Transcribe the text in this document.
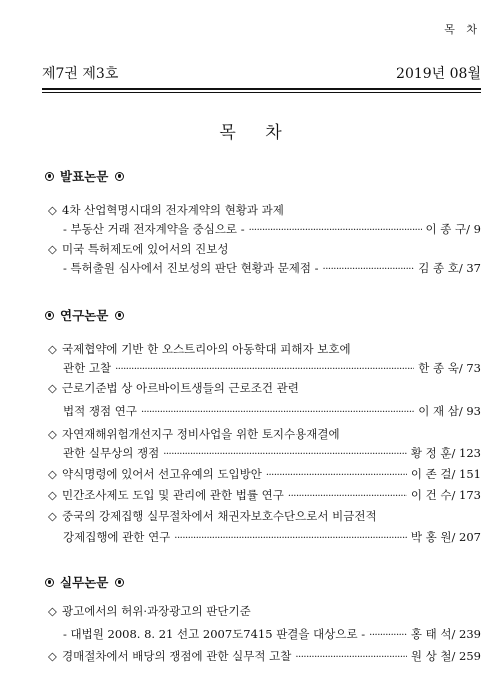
목 차
제7권 제3호	2019년 08월
목 차
발표논문
◇ 4차 산업혁명시대의 전자계약의 현황과 과제
- 부동산 거래 전자계약을 중심으로 - ·····	이 종 구/ 9
◇ 미국 특허제도에 있어서의 진보성
- 특허출원 심사에서 진보성의 판단 현황과 문제점 - ·····	김 종 호/ 37
연구논문
◇ 국제협약에 기반 한 오스트리아의 아동학대 피해자 보호에
관한 고찰 ·····	한 종 욱/ 73
◇ 근로기준법 상 아르바이트생들의 근로조건 관련
법적 쟁점 연구 ·····	이 재 삼/ 93
◇ 자연재해위험개선지구 정비사업을 위한 토지수용재결에
관한 실무상의 쟁점 ·····	황 정 훈/ 123
◇ 약식명령에 있어서 선고유예의 도입방안 ·····	이 존 걸/ 151
◇ 민간조사제도 도입 및 관리에 관한 법률 연구 ·····	이 건 수/ 173
◇ 중국의 강제집행 실무절차에서 채권자보호수단으로서 비금전적
강제집행에 관한 연구 ·····	박 홍 원/ 207
실무논문
◇ 광고에서의 허위·과장광고의 판단기준
- 대법원 2008. 8. 21 선고 2007도7415 판결을 대상으로 - ·····	홍 태 석/ 239
◇ 경매절차에서 배당의 쟁점에 관한 실무적 고찰 ·····	원 상 철/ 259
